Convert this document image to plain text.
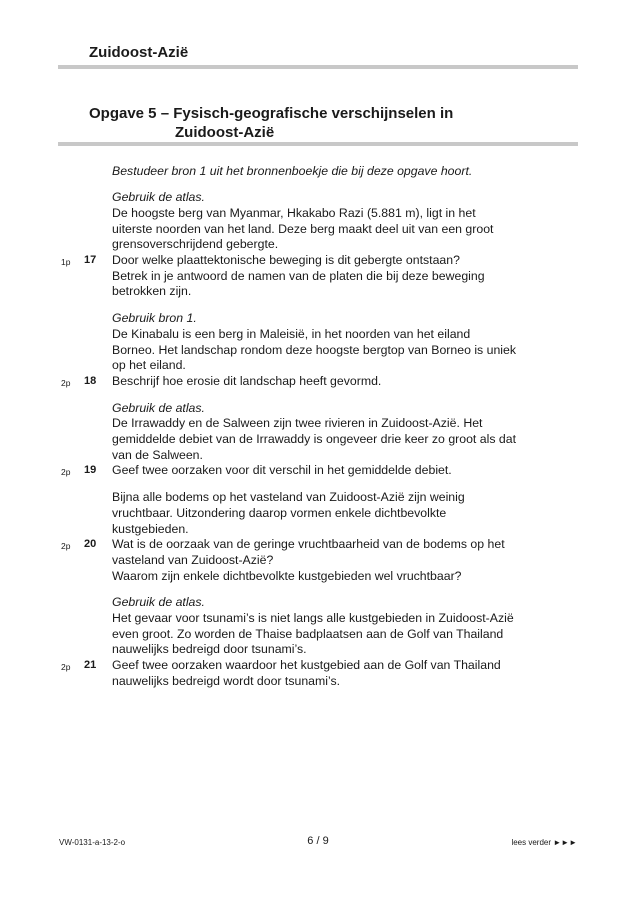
Zuidoost-Azië
Opgave 5 – Fysisch-geografische verschijnselen in
Zuidoost-Azië

Bestudeer bron 1 uit het bronnenboekje die bij deze opgave hoort.

Gebruik de atlas.

De hoogste berg van Myanmar, Hkakabo Razi (5.881 m), ligt in het

uiterste noorden van het land. Deze berg maakt deel uit van een groot

grensoverschrijdend gebergte.

1p 17 Door welke plaattektonische beweging is dit gebergte ontstaan?

Betrek in je antwoord de namen van de platen die bij deze beweging

betrokken zijn.

Gebruik bron 1.

De Kinabalu is een berg in Maleisië, in het noorden van het eiland

Borneo. Het landschap rondom deze hoogste bergtop van Borneo is uniek

op het eiland.

2p 18 Beschrijf hoe erosie dit landschap heeft gevormd.

Gebruik de atlas.

De Irrawaddy en de Salween zijn twee rivieren in Zuidoost-Azië. Het

gemiddelde debiet van de Irrawaddy is ongeveer drie keer zo groot als dat

van de Salween.

2p 19 Geef twee oorzaken voor dit verschil in het gemiddelde debiet.

Bijna alle bodems op het vasteland van Zuidoost-Azië zijn weinig

vruchtbaar. Uitzondering daarop vormen enkele dichtbevolkte

kustgebieden.

2p 20 Wat is de oorzaak van de geringe vruchtbaarheid van de bodems op het

vasteland van Zuidoost-Azië?

Waarom zijn enkele dichtbevolkte kustgebieden wel vruchtbaar?

Gebruik de atlas.

Het gevaar voor tsunami’s is niet langs alle kustgebieden in Zuidoost-Azië

even groot. Zo worden de Thaise badplaatsen aan de Golf van Thailand

nauwelijks bedreigd door tsunami’s.

2p 21 Geef twee oorzaken waardoor het kustgebied aan de Golf van Thailand

nauwelijks bedreigd wordt door tsunami’s.

VW-0131-a-13-2-o	6 / 9	lees verder ►►►
